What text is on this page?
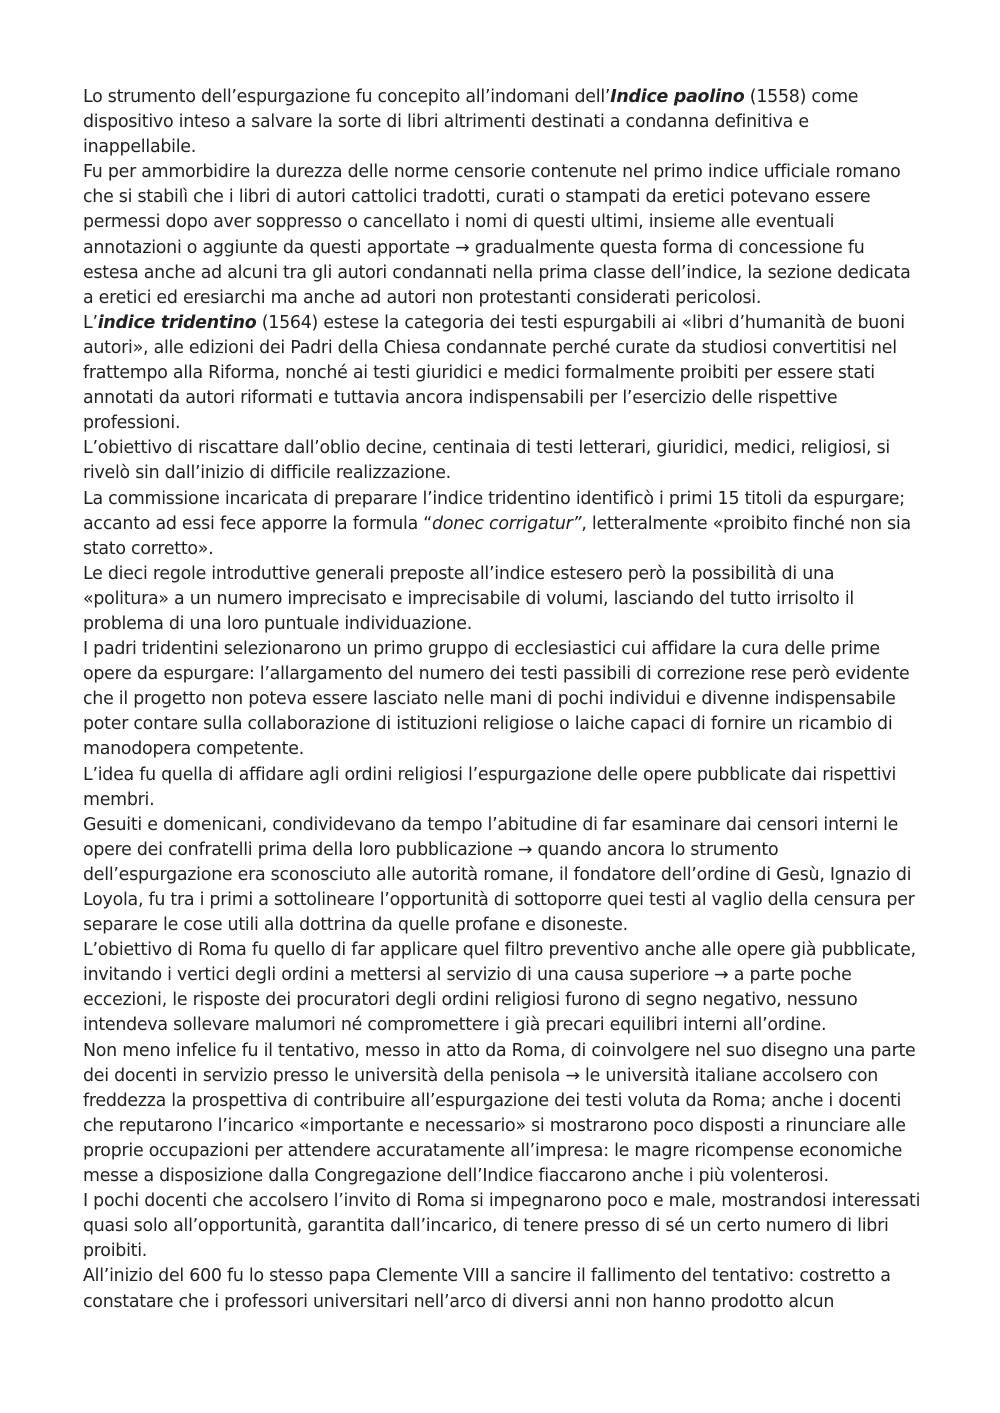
Lo strumento dell’espurgazione fu concepito all’indomani dell’Indice paolino (1558) come dispositivo inteso a salvare la sorte di libri altrimenti destinati a condanna definitiva e inappellabile.

Fu per ammorbidire la durezza delle norme censorie contenute nel primo indice ufficiale romano che si stabilì che i libri di autori cattolici tradotti, curati o stampati da eretici potevano essere permessi dopo aver soppresso o cancellato i nomi di questi ultimi, insieme alle eventuali annotazioni o aggiunte da questi apportate → gradualmente questa forma di concessione fu estesa anche ad alcuni tra gli autori condannati nella prima classe dell’indice, la sezione dedicata a eretici ed eresiarchi ma anche ad autori non protestanti considerati pericolosi.

L’indice tridentino (1564) estese la categoria dei testi espurgabili ai «libri d’humanità de buoni autori», alle edizioni dei Padri della Chiesa condannate perché curate da studiosi convertitisi nel frattempo alla Riforma, nonché ai testi giuridici e medici formalmente proibiti per essere stati annotati da autori riformati e tuttavia ancora indispensabili per l’esercizio delle rispettive professioni.

L’obiettivo di riscattare dall’oblio decine, centinaia di testi letterari, giuridici, medici, religiosi, si rivelò sin dall’inizio di difficile realizzazione.

La commissione incaricata di preparare l’indice tridentino identificò i primi 15 titoli da espurgare; accanto ad essi fece apporre la formula “donec corrigatur”, letteralmente «proibito finché non sia stato corretto».

Le dieci regole introduttive generali preposte all’indice estesero però la possibilità di una «politura» a un numero imprecisato e imprecisabile di volumi, lasciando del tutto irrisolto il problema di una loro puntuale individuazione.

I padri tridentini selezionarono un primo gruppo di ecclesiastici cui affidare la cura delle prime opere da espurgare: l’allargamento del numero dei testi passibili di correzione rese però evidente che il progetto non poteva essere lasciato nelle mani di pochi individui e divenne indispensabile poter contare sulla collaborazione di istituzioni religiose o laiche capaci di fornire un ricambio di manodopera competente.

L’idea fu quella di affidare agli ordini religiosi l’espurgazione delle opere pubblicate dai rispettivi membri.

Gesuiti e domenicani, condividevano da tempo l’abitudine di far esaminare dai censori interni le opere dei confratelli prima della loro pubblicazione → quando ancora lo strumento dell’espurgazione era sconosciuto alle autorità romane, il fondatore dell’ordine di Gesù, Ignazio di Loyola, fu tra i primi a sottolineare l’opportunità di sottoporre quei testi al vaglio della censura per separare le cose utili alla dottrina da quelle profane e disoneste.

L’obiettivo di Roma fu quello di far applicare quel filtro preventivo anche alle opere già pubblicate, invitando i vertici degli ordini a mettersi al servizio di una causa superiore → a parte poche eccezioni, le risposte dei procuratori degli ordini religiosi furono di segno negativo, nessuno intendeva sollevare malumori né compromettere i già precari equilibri interni all’ordine.

Non meno infelice fu il tentativo, messo in atto da Roma, di coinvolgere nel suo disegno una parte dei docenti in servizio presso le università della penisola → le università italiane accolsero con freddezza la prospettiva di contribuire all’espurgazione dei testi voluta da Roma; anche i docenti che reputarono l’incarico «importante e necessario» si mostrarono poco disposti a rinunciare alle proprie occupazioni per attendere accuratamente all’impresa: le magre ricompense economiche messe a disposizione dalla Congregazione dell’Indice fiaccarono anche i più volenterosi.

I pochi docenti che accolsero l’invito di Roma si impegnarono poco e male, mostrandosi interessati quasi solo all’opportunità, garantita dall’incarico, di tenere presso di sé un certo numero di libri proibiti.

All’inizio del 600 fu lo stesso papa Clemente VIII a sancire il fallimento del tentativo: costretto a constatare che i professori universitari nell’arco di diversi anni non hanno prodotto alcun
